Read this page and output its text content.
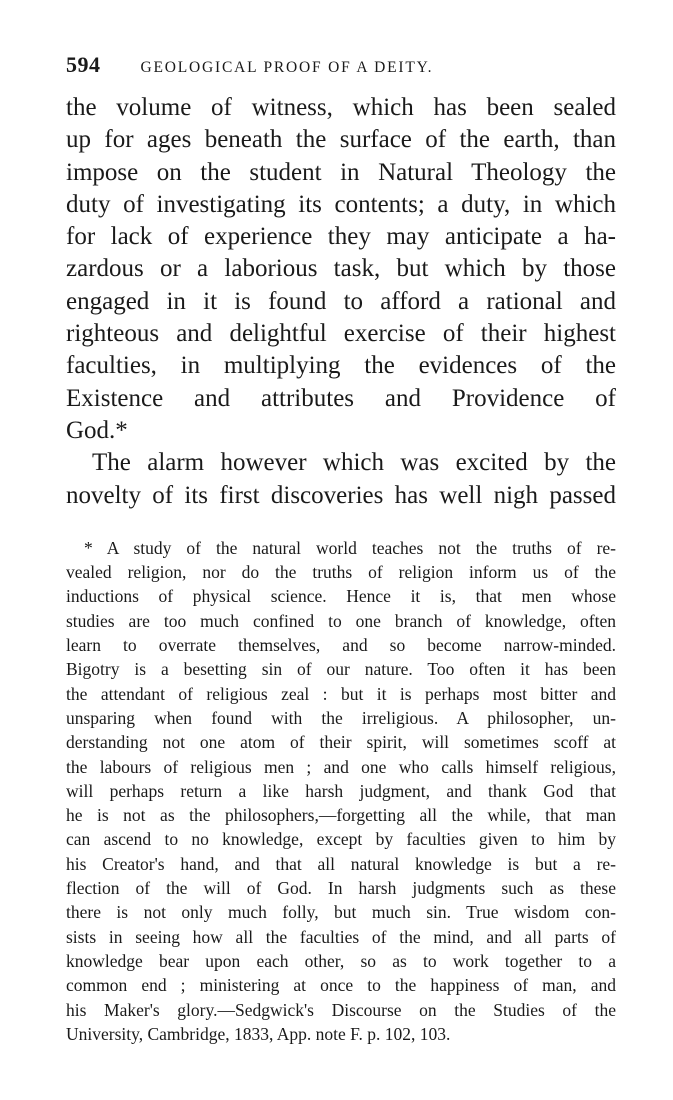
594	GEOLOGICAL PROOF OF A DEITY.
the volume of witness, which has been sealed
up for ages beneath the surface of the earth, than
impose on the student in Natural Theology the
duty of investigating its contents; a duty, in which
for lack of experience they may anticipate a ha-
zardous or a laborious task, but which by those
engaged in it is found to afford a rational and
righteous and delightful exercise of their highest
faculties, in multiplying the evidences of the
Existence and attributes and Providence of
God.*
The alarm however which was excited by the
novelty of its first discoveries has well nigh passed
* A study of the natural world teaches not the truths of re-
vealed religion, nor do the truths of religion inform us of the
inductions of physical science. Hence it is, that men whose
studies are too much confined to one branch of knowledge, often
learn to overrate themselves, and so become narrow-minded.
Bigotry is a besetting sin of our nature. Too often it has been
the attendant of religious zeal : but it is perhaps most bitter and
unsparing when found with the irreligious. A philosopher, un-
derstanding not one atom of their spirit, will sometimes scoff at
the labours of religious men ; and one who calls himself religious,
will perhaps return a like harsh judgment, and thank God that
he is not as the philosophers,—forgetting all the while, that man
can ascend to no knowledge, except by faculties given to him by
his Creator's hand, and that all natural knowledge is but a re-
flection of the will of God. In harsh judgments such as these
there is not only much folly, but much sin. True wisdom con-
sists in seeing how all the faculties of the mind, and all parts of
knowledge bear upon each other, so as to work together to a
common end ; ministering at once to the happiness of man, and
his Maker's glory.—Sedgwick's Discourse on the Studies of the
University, Cambridge, 1833, App. note F. p. 102, 103.
